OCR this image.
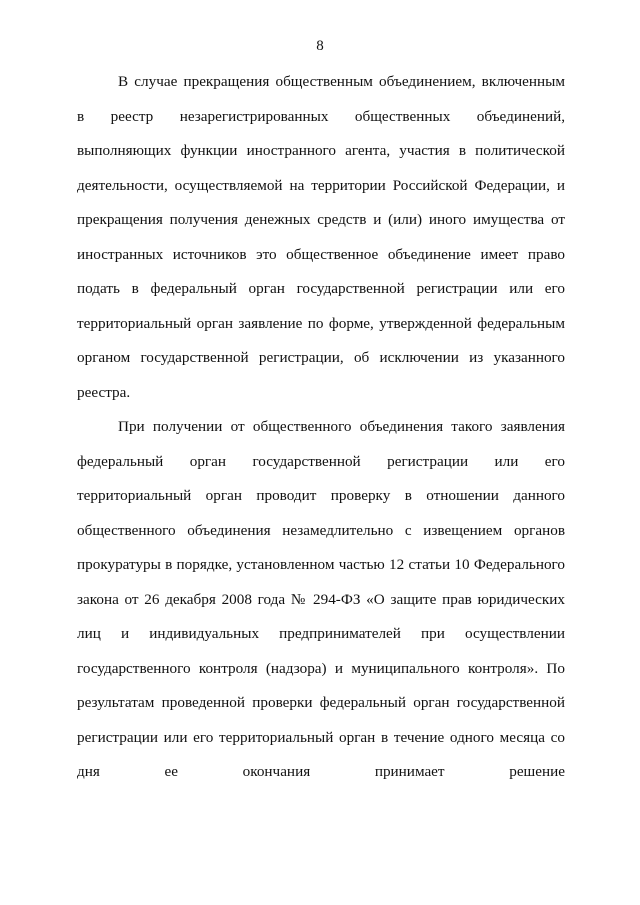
8
В случае прекращения общественным объединением, включенным
в реестр незарегистрированных общественных объединений,
выполняющих функции иностранного агента, участия в политической
деятельности, осуществляемой на территории Российской Федерации, и
прекращения получения денежных средств и (или) иного имущества от
иностранных источников это общественное объединение имеет право
подать в федеральный орган государственной регистрации или его
территориальный орган заявление по форме, утвержденной федеральным
органом государственной регистрации, об исключении из указанного
реестра.
При получении от общественного объединения такого заявления
федеральный орган государственной регистрации или его
территориальный орган проводит проверку в отношении данного
общественного объединения незамедлительно с извещением органов
прокуратуры в порядке, установленном частью 12 статьи 10 Федерального
закона от 26 декабря 2008 года № 294-ФЗ «О защите прав юридических
лиц и индивидуальных предпринимателей при осуществлении
государственного контроля (надзора) и муниципального контроля». По
результатам проведенной проверки федеральный орган государственной
регистрации или его территориальный орган в течение одного месяца со
дня ее окончания принимает решение
